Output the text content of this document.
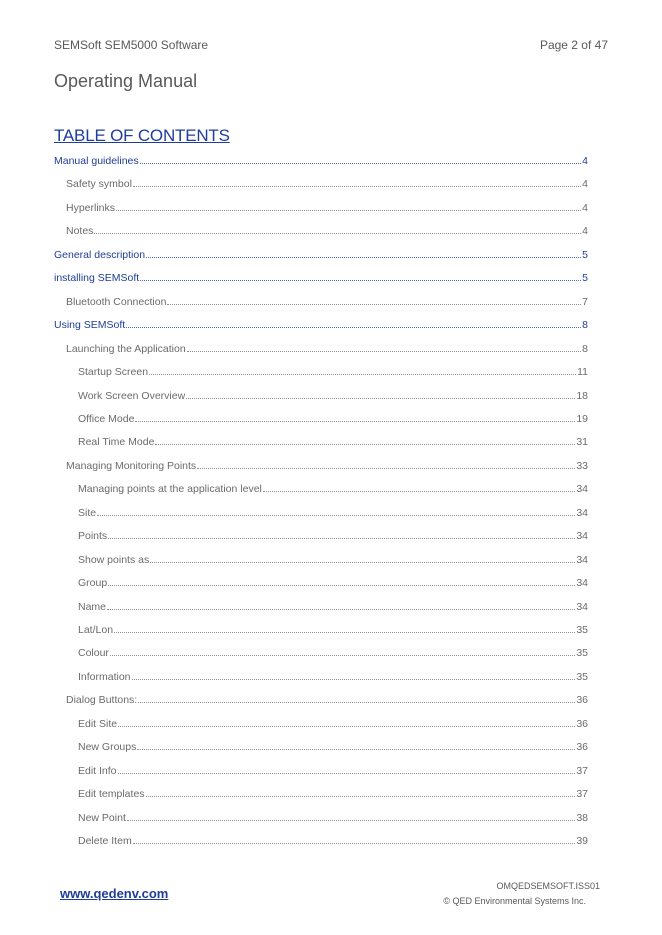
SEMSoft SEM5000 Software	Page 2 of 47
Operating Manual
TABLE OF CONTENTS
Manual guidelines	4
Safety symbol	4
Hyperlinks	4
Notes	4
General description	5
installing SEMSoft	5
Bluetooth Connection	7
Using SEMSoft	8
Launching the Application	8
Startup Screen	11
Work Screen Overview	18
Office Mode	19
Real Time Mode	31
Managing Monitoring Points	33
Managing points at the application level	34
Site	34
Points	34
Show points as	34
Group	34
Name	34
Lat/Lon	35
Colour	35
Information	35
Dialog Buttons:	36
Edit Site	36
New Groups	36
Edit Info	37
Edit templates	37
New Point	38
Delete Item	39
www.qedenv.com	OMQEDSEMSOFT.ISS01
© QED Environmental Systems Inc.
